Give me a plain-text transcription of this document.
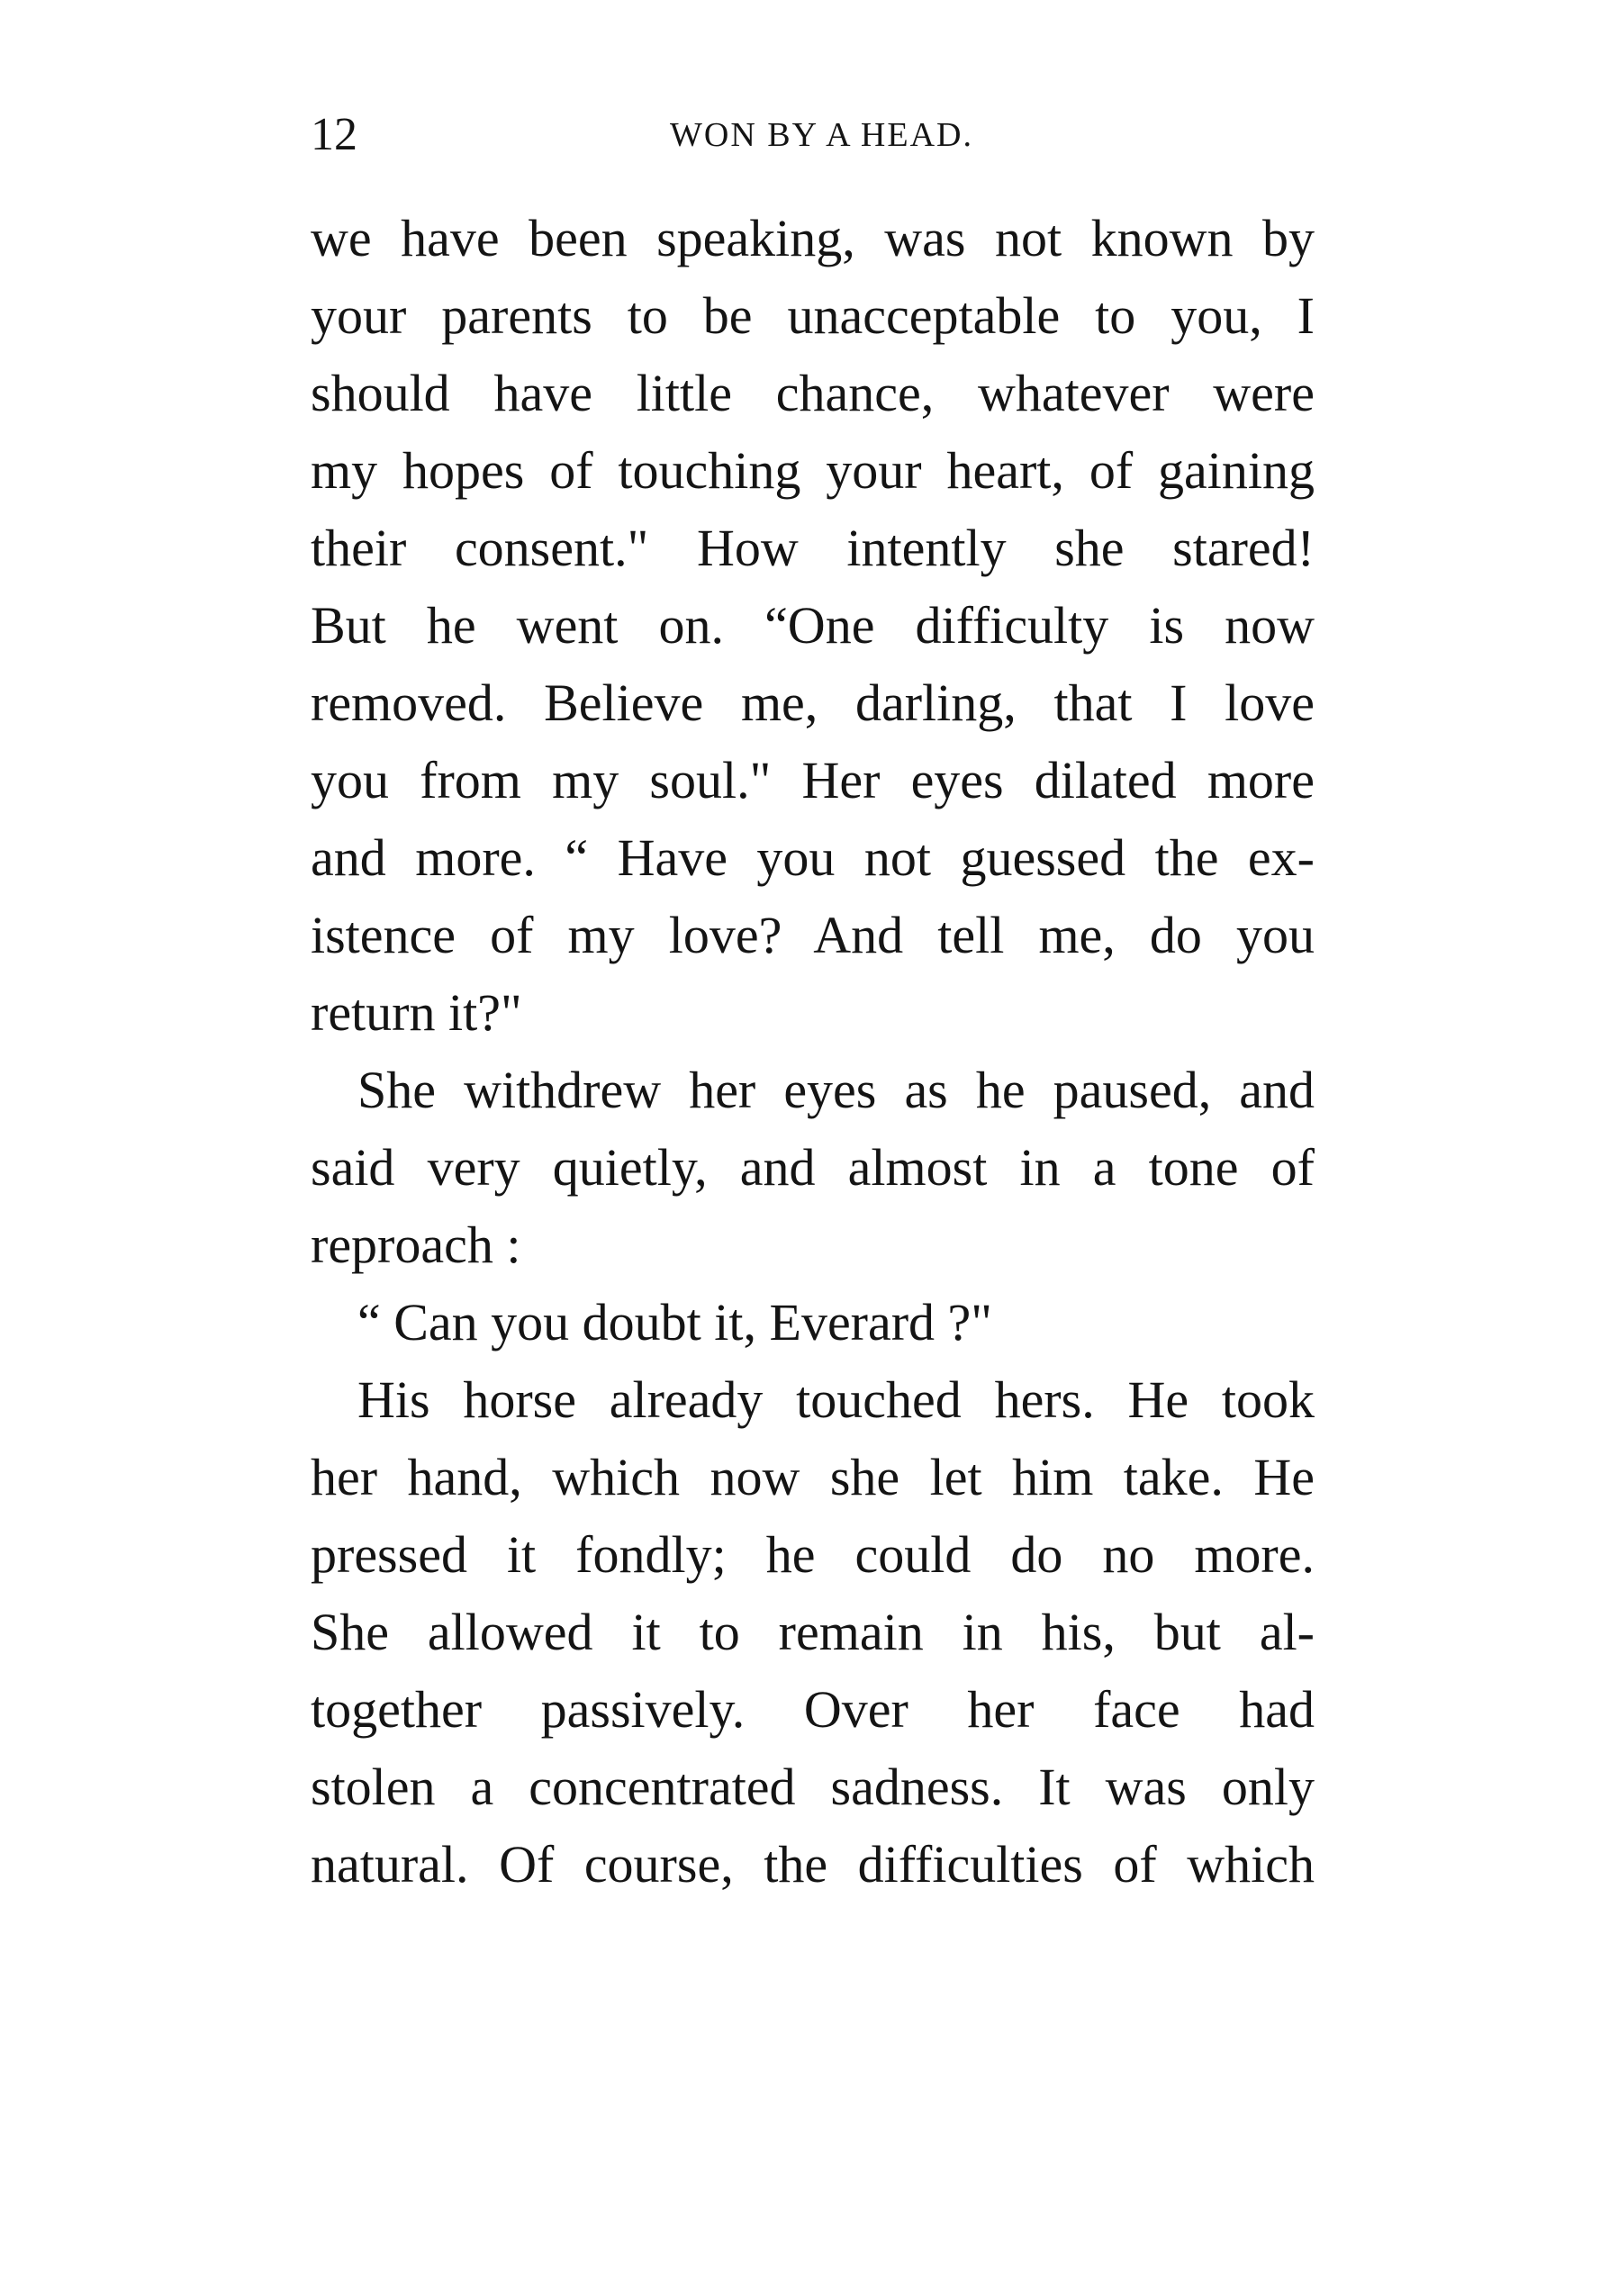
12	WON BY A HEAD.
we have been speaking, was not known by
your parents to be unacceptable to you, I
should have little chance, whatever were
my hopes of touching your heart, of gaining
their consent." How intently she stared!
But he went on. “One difficulty is now
removed. Believe me, darling, that I love
you from my soul." Her eyes dilated more
and more. “ Have you not guessed the ex-
istence of my love? And tell me, do you
return it?"
She withdrew her eyes as he paused, and
said very quietly, and almost in a tone of
reproach :
“ Can you doubt it, Everard ?"
His horse already touched hers. He took
her hand, which now she let him take. He
pressed it fondly; he could do no more.
She allowed it to remain in his, but al-
together passively. Over her face had
stolen a concentrated sadness. It was only
natural. Of course, the difficulties of which
